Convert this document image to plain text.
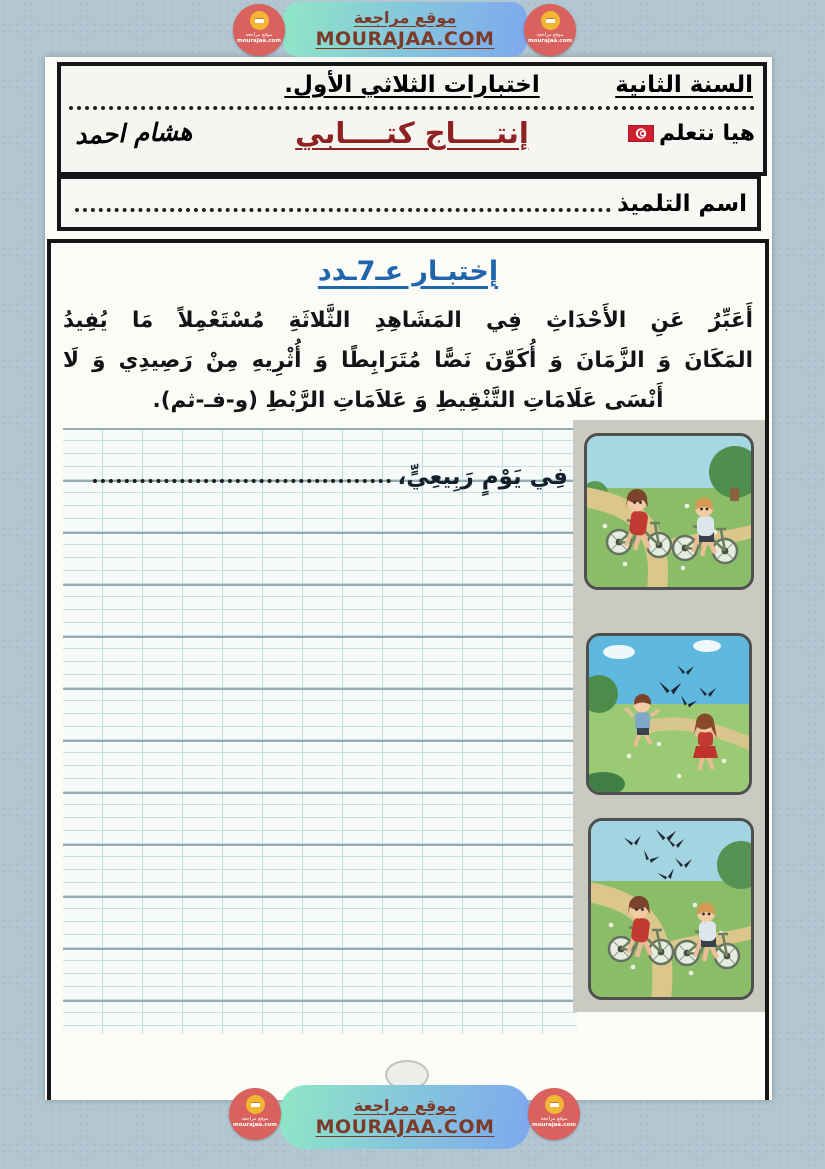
السنة الثانية
اختبارات الثلاثي الأول.
هيا نتعلم
إنتــــاج كتــــابي
هشام احمد
اسم التلميذ
إختبـار عـ7ـدد
أَعَبِّرُ عَنِ الأَحْدَاثِ فِي المَشَاهِدِ الثَّلاثَةِ مُسْتَعْمِلاً مَا يُفِيدُ
المَكَانَ وَ الزَّمَانَ وَ أُكَوِّنَ نَصًّا مُتَرَابِطًا وَ أُثْرِيهِ مِنْ رَصِيدِي وَ لَا
أَنْسَى عَلَامَاتِ التَّنْقِيطِ وَ عَلاَمَاتِ الرَّبْطِ (و-فـ-ثم).
فِي يَوْمٍ رَبِيعِيٍّ،
موقع مراجعة
MOURAJAA.COM
موقع مراجعة
mourajaa.com
موقع مراجعة
mourajaa.com
موقع مراجعة
MOURAJAA.COM
موقع مراجعة
mourajaa.com
موقع مراجعة
mourajaa.com
